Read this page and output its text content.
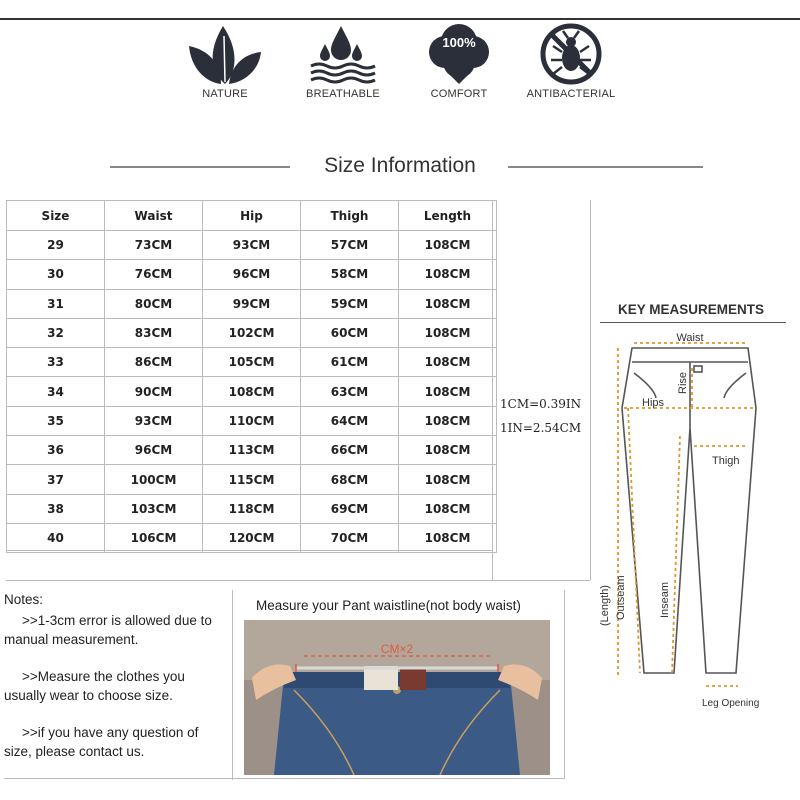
NATURE	BREATHABLE
100%
COMFORT	ANTIBACTERIAL
Size Information
Size	Waist	Hip	Thigh	Length
29	73CM	93CM	57CM	108CM
30	76CM	96CM	58CM	108CM
31	80CM	99CM	59CM	108CM
32	83CM	102CM	60CM	108CM
33	86CM	105CM	61CM	108CM
34	90CM	108CM	63CM	108CM
35	93CM	110CM	64CM	108CM
36	96CM	113CM	66CM	108CM
37	100CM	115CM	68CM	108CM
38	103CM	118CM	69CM	108CM
40	106CM	120CM	70CM	108CM
1CM=0.39IN
1IN=2.54CM

Notes:

>>1-3cm error is allowed due to manual measurement.

>>Measure the clothes you usually wear to choose size.

>>if you have any question of size, please contact us.

Measure your Pant waistline(not body waist)
CM×2
KEY MEASUREMENTS
Waist
Rise
Hips
Thigh
(Length) Outseam	Inseam
Leg Opening
